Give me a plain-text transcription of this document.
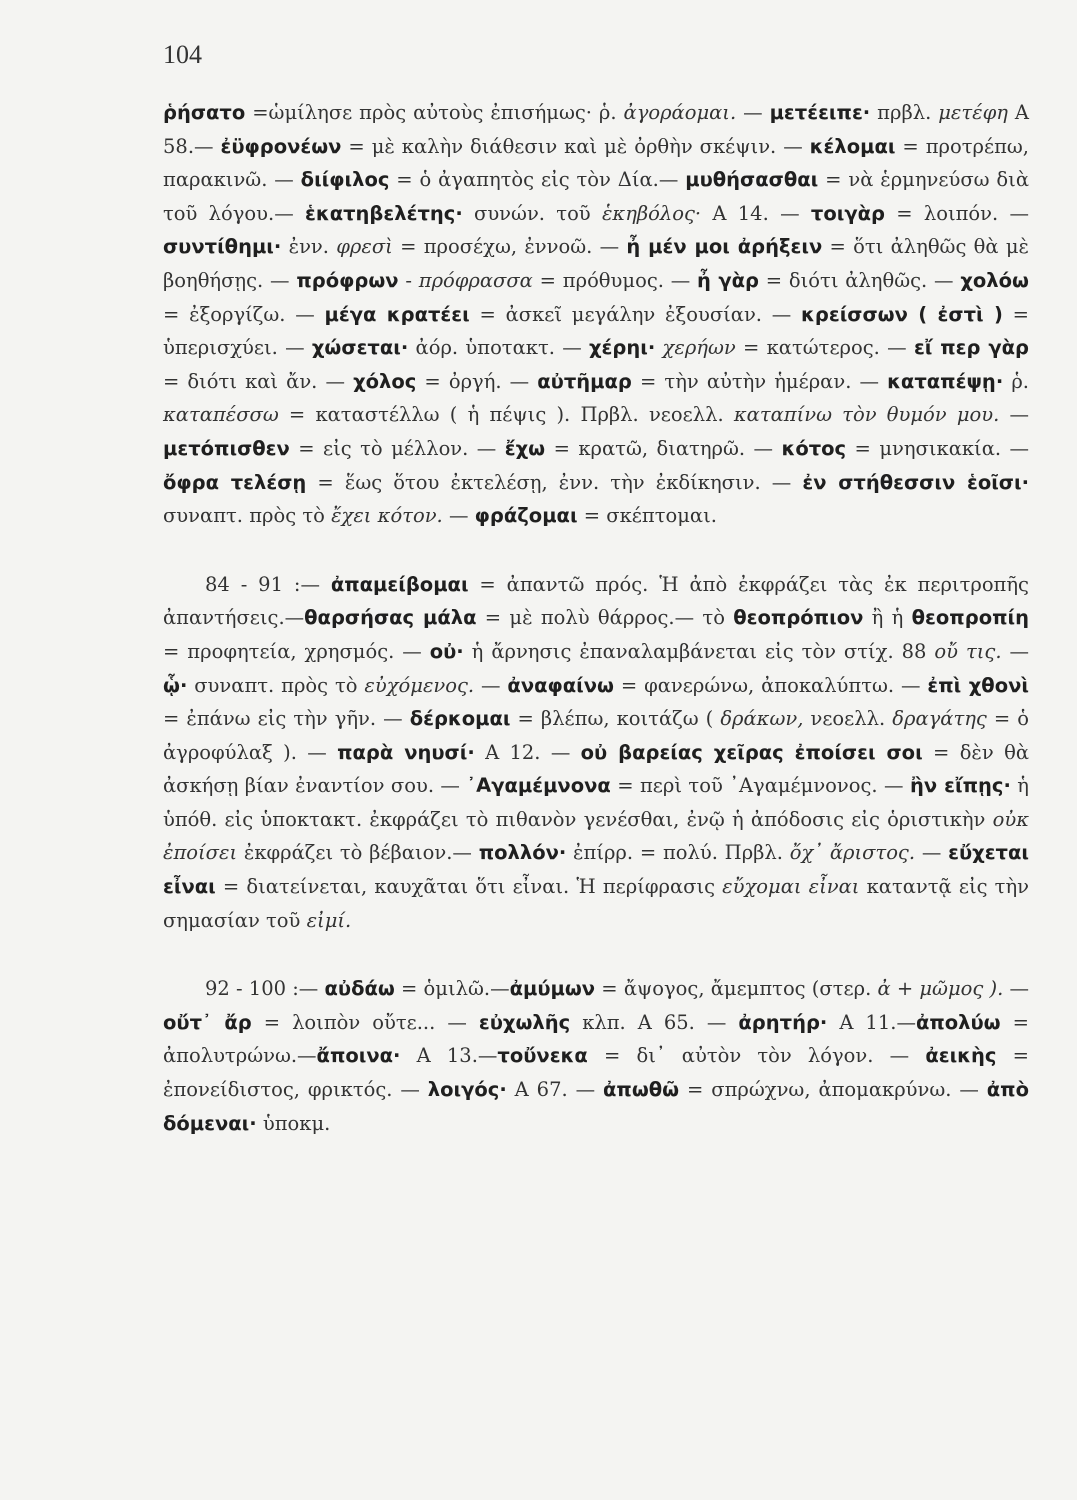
104

ῥήσατο =ὡμίλησε πρὸς αὐτοὺς ἐπισήμως· ῥ. ἀγοράομαι. — μετέειπε· πρβλ. μετέφη Α 58.— ἐϋφρονέων = μὲ καλὴν διάθεσιν καὶ μὲ ὀρθὴν σκέψιν. — κέλομαι = προτρέπω, παρακινῶ. — διίφιλος = ὁ ἀγαπητὸς εἰς τὸν Δία.— μυθήσασθαι = νὰ ἑρμηνεύσω διὰ τοῦ λόγου.— ἑκατηβελέτης· συνών. τοῦ ἑκηβόλος· Α 14. — τοιγὰρ = λοιπόν. — συντίθημι· ἐνν. φρεσὶ = προσέχω, ἐννοῶ. — ἦ μέν μοι ἀρήξειν = ὅτι ἀληθῶς θὰ μὲ βοηθήσῃς. — πρόφρων - πρόφρασσα = πρόθυμος. — ἦ γὰρ = διότι ἀληθῶς. — χολόω = ἐξοργίζω. — μέγα κρατέει = ἀσκεῖ μεγάλην ἐξουσίαν. — κρείσσων ( ἐστὶ ) = ὑπερισχύει. — χώσεται· ἀόρ. ὑποτακτ. — χέρηι· χερήων = κατώτερος. — εἴ περ γὰρ = διότι καὶ ἄν. — χόλος = ὀργή. — αὐτῆμαρ = τὴν αὐτὴν ἡμέραν. — καταπέψῃ· ῥ. καταπέσσω = καταστέλλω ( ἡ πέψις ). Πρβλ. νεοελλ. καταπίνω τὸν θυμόν μου. — μετόπισθεν = εἰς τὸ μέλλον. — ἔχω = κρατῶ, διατηρῶ. — κότος = μνησικακία. — ὄφρα τελέσῃ = ἕως ὅτου ἐκτελέσῃ, ἐνν. τὴν ἐκδίκησιν. — ἐν στήθεσσιν ἑοῖσι· συναπτ. πρὸς τὸ ἔχει κότον. — φράζομαι = σκέπτομαι.

84 - 91 :— ἀπαμείβομαι = ἀπαντῶ πρός. Ἡ ἀπὸ ἐκφράζει τὰς ἐκ περιτροπῆς ἀπαντήσεις.—θαρσήσας μάλα = μὲ πολὺ θάρρος.— τὸ θεοπρόπιον ἢ ἡ θεοπροπίη = προφητεία, χρησμός. — οὐ· ἡ ἄρνησις ἐπαναλαμβάνεται εἰς τὸν στίχ. 88 οὔ τις. — ᾧ· συναπτ. πρὸς τὸ εὐχόμενος. — ἀναφαίνω = φανερώνω, ἀποκαλύπτω. — ἐπὶ χθονὶ = ἐπάνω εἰς τὴν γῆν. — δέρκομαι = βλέπω, κοιτάζω ( δράκων, νεοελλ. δραγάτης = ὁ ἀγροφύλαξ ). — παρὰ νηυσί· Α 12. — οὐ βαρείας χεῖρας ἐποίσει σοι = δὲν θὰ ἀσκήσῃ βίαν ἐναντίον σου. — ᾿Αγαμέμνονα = περὶ τοῦ ᾿Αγαμέμνονος. — ἢν εἴπῃς· ἡ ὑπόθ. εἰς ὑποκτακτ. ἐκφράζει τὸ πιθανὸν γενέσθαι, ἐνῷ ἡ ἀπόδοσις εἰς ὁριστικὴν οὐκ ἐποίσει ἐκφράζει τὸ βέβαιον.— πολλόν· ἐπίρρ. = πολύ. Πρβλ. ὄχ᾿ ἄριστος. — εὔχεται εἶναι = διατείνεται, καυχᾶται ὅτι εἶναι. Ἡ περίφρασις εὔχομαι εἶναι καταντᾷ εἰς τὴν σημασίαν τοῦ εἰμί.

92 - 100 :— αὐδάω = ὁμιλῶ.—ἀμύμων = ἄψογος, ἄμεμπτος (στερ. ἀ + μῶμος ). — οὔτ᾿ ἄρ = λοιπὸν οὔτε... — εὐχωλῆς κλπ. Α 65. — ἀρητήρ· Α 11.—ἀπολύω = ἀπολυτρώνω.—ἄποινα· Α 13.—τοὔνεκα = δι᾿ αὐτὸν τὸν λόγον. — ἀεικὴς = ἐπονείδιστος, φρικτός. — λοιγός· Α 67. — ἀπωθῶ = σπρώχνω, ἀπομακρύνω. — ἀπὸ δόμεναι· ὑποκμ.
